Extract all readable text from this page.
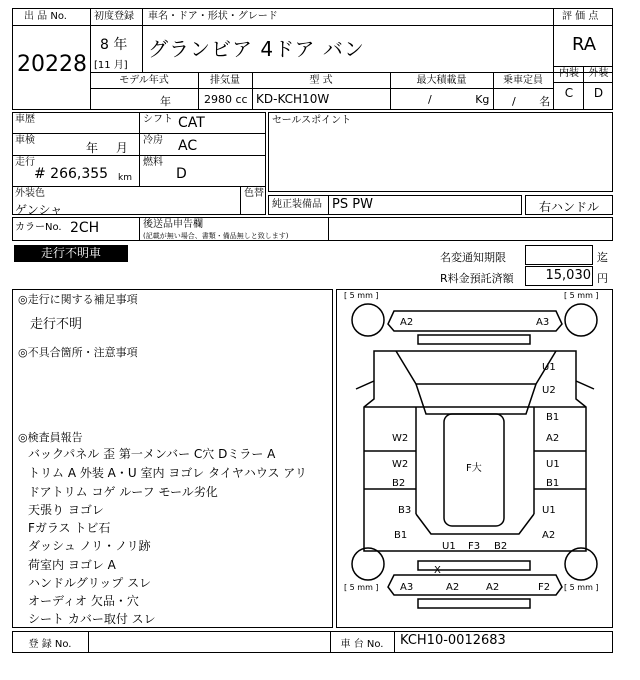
出 品 No.
20228
初度登録
8 年
[11 月]
車名・ドア・形状・グレード
グランビア 4ドア バン
評 価 点
RA
内装 外装
C	D
モデル年式
年
排気量
2980 cc
型 式
KD-KCH10W
最大積載量
/ Kg
乗車定員
/ 名
車歴	シフト CAT
車検
年 月
冷房 AC
走行
# 266,355 km
燃料
D
外装色
ゲンシャ
色替
セールスポイント
純正装備品 PS PW	右ハンドル
カラーNo. 2CH	後送品申告欄
(記載が無い場合、書類・備品無しと致します)
走行不明車	名変通知期限	迄
R料金預託済額	15,030 円
◎走行に関する補足事項
走行不明
◎不具合箇所・注意事項
◎検査員報告
バックパネル 歪 第一メンバー C穴 Dミラー A
トリム A 外装 A・U 室内 ヨゴレ タイヤハウス アリ
ドアトリム コゲ ルーフ モール劣化
天張り ヨゴレ
Fガラス トビ石
ダッシュ ノリ・ノリ跡
荷室内 ヨゴレ A
ハンドルグリップ スレ
オーディオ 欠品・穴
シート カバー取付 スレ
[ 5 mm ]	[ 5 mm ]
[ 5 mm ]	[ 5 mm ]
A2	A3
U1
U2
B1
A2
W2
W2
B2
U1
B1
F大
B3	U1
B1	A2
U1 F3 B2
X
A3	A2	A2	F2
登 録 No.	車 台 No.	KCH10-0012683
